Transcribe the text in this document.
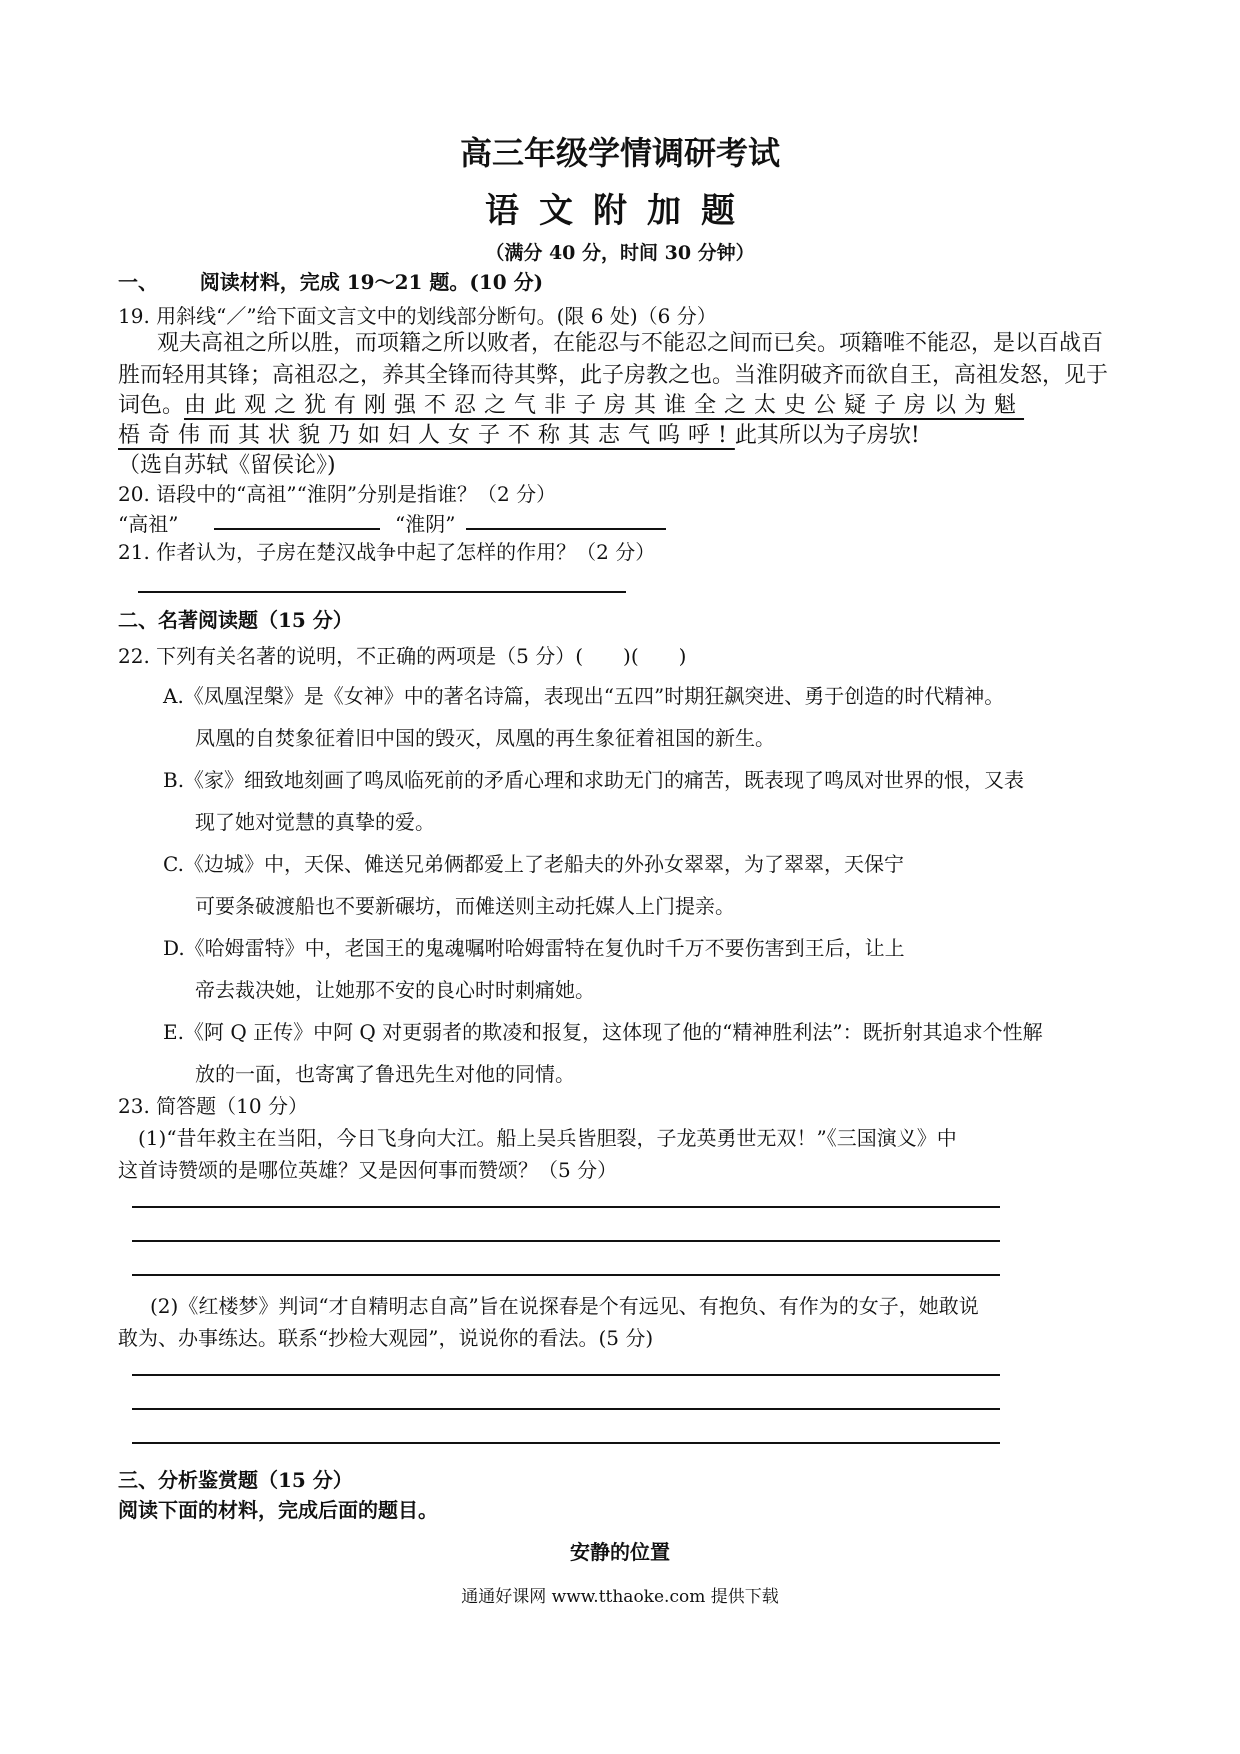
高三年级学情调研考试
语文附加题
（满分 40 分，时间 30 分钟）
一、      阅读材料，完成 19～21 题。(10 分)
19. 用斜线“／”给下面文言文中的划线部分断句。(限 6 处)（6 分）
观夫高祖之所以胜，而项籍之所以败者，在能忍与不能忍之间而已矣。项籍唯不能忍，是以百战百
胜而轻用其锋；高祖忍之，养其全锋而待其弊，此子房教之也。当淮阴破齐而欲自王，高祖发怒，见于
词色。由此观之犹有刚强不忍之气非子房其谁全之太史公疑子房以为魁
梧奇伟而其状貌乃如妇人女子不称其志气呜呼!此其所以为子房欤!
（选自苏轼《留侯论》)
20. 语段中的“高祖”“淮阴”分别是指谁？（2 分）
“高祖”	“淮阴”
21. 作者认为，子房在楚汉战争中起了怎样的作用？（2 分）
二、名著阅读题（15 分）
22. 下列有关名著的说明，不正确的两项是（5 分）(　　)(　　)
A.《凤凰涅槃》是《女神》中的著名诗篇，表现出“五四”时期狂飙突进、勇于创造的时代精神。
凤凰的自焚象征着旧中国的毁灭，凤凰的再生象征着祖国的新生。
B.《家》细致地刻画了鸣凤临死前的矛盾心理和求助无门的痛苦，既表现了鸣凤对世界的恨，又表
现了她对觉慧的真挚的爱。
C.《边城》中，天保、傩送兄弟俩都爱上了老船夫的外孙女翠翠，为了翠翠，天保宁
可要条破渡船也不要新碾坊，而傩送则主动托媒人上门提亲。
D.《哈姆雷特》中，老国王的鬼魂嘱咐哈姆雷特在复仇时千万不要伤害到王后，让上
帝去裁决她，让她那不安的良心时时刺痛她。
E.《阿 Q 正传》中阿 Q 对更弱者的欺凌和报复，这体现了他的“精神胜利法”：既折射其追求个性解
放的一面，也寄寓了鲁迅先生对他的同情。
23. 简答题（10 分）
(1)“昔年救主在当阳，今日飞身向大江。船上吴兵皆胆裂，子龙英勇世无双！”《三国演义》中
这首诗赞颂的是哪位英雄？又是因何事而赞颂？（5 分）
(2)《红楼梦》判词“才自精明志自高”旨在说探春是个有远见、有抱负、有作为的女子，她敢说
敢为、办事练达。联系“抄检大观园”，说说你的看法。(5 分)
三、分析鉴赏题（15 分）
阅读下面的材料，完成后面的题目。
安静的位置
通通好课网 www.tthaoke.com 提供下载
